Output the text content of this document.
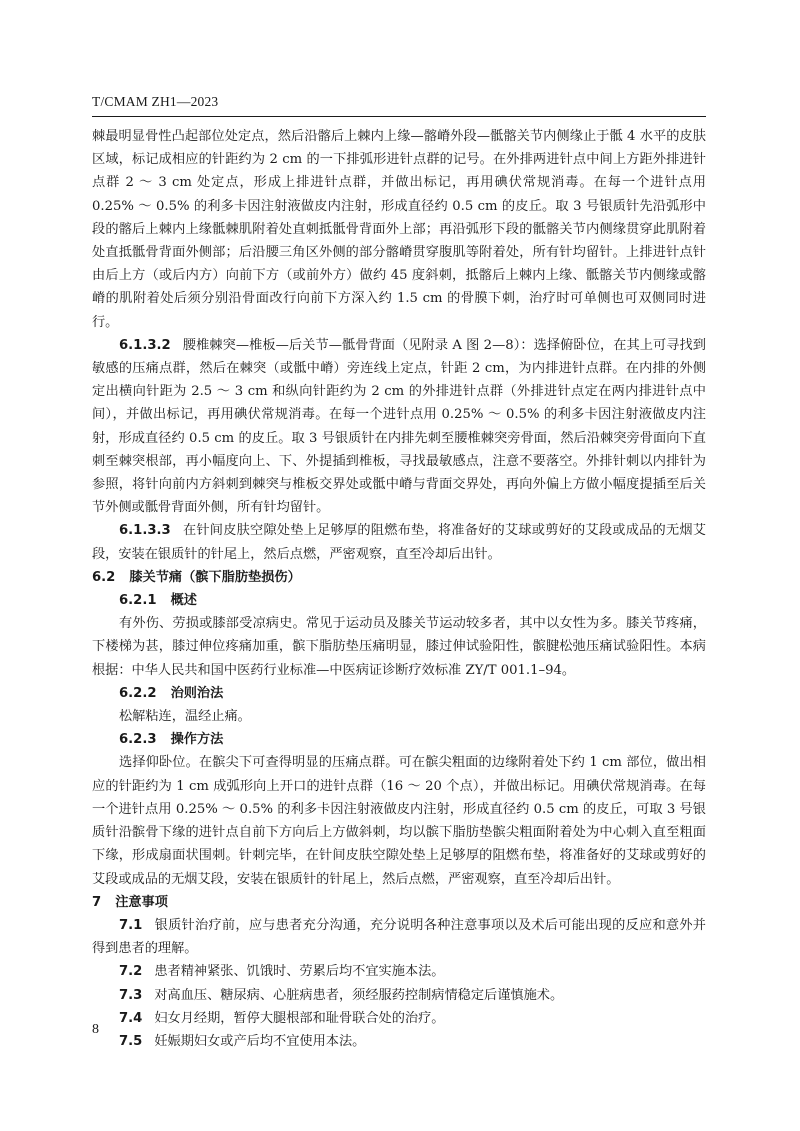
T/CMAM ZH1—2023

棘最明显骨性凸起部位处定点，然后沿髂后上棘内上缘—髂嵴外段—骶髂关节内侧缘止于骶 4 水平的皮肤区域，标记成相应的针距约为 2 cm 的一下排弧形进针点群的记号。在外排两进针点中间上方距外排进针点群 2 ～ 3 cm 处定点，形成上排进针点群，并做出标记，再用碘伏常规消毒。在每一个进针点用 0.25% ～ 0.5% 的利多卡因注射液做皮内注射，形成直径约 0.5 cm 的皮丘。取 3 号银质针先沿弧形中段的髂后上棘内上缘骶棘肌附着处直刺抵骶骨背面外上部；再沿弧形下段的骶髂关节内侧缘贯穿此肌附着处直抵骶骨背面外侧部；后沿腰三角区外侧的部分髂嵴贯穿腹肌等附着处，所有针均留针。上排进针点针由后上方（或后内方）向前下方（或前外方）做约 45 度斜刺，抵髂后上棘内上缘、骶髂关节内侧缘或髂嵴的肌附着处后须分别沿骨面改行向前下方深入约 1.5 cm 的骨膜下刺，治疗时可单侧也可双侧同时进行。

6.1.3.2 腰椎棘突—椎板—后关节—骶骨背面（见附录 A 图 2—8）：选择俯卧位，在其上可寻找到敏感的压痛点群，然后在棘突（或骶中嵴）旁连线上定点，针距 2 cm，为内排进针点群。在内排的外侧定出横向针距为 2.5 ～ 3 cm 和纵向针距约为 2 cm 的外排进针点群（外排进针点定在两内排进针点中间），并做出标记，再用碘伏常规消毒。在每一个进针点用 0.25% ～ 0.5% 的利多卡因注射液做皮内注射，形成直径约 0.5 cm 的皮丘。取 3 号银质针在内排先刺至腰椎棘突旁骨面，然后沿棘突旁骨面向下直刺至棘突根部，再小幅度向上、下、外提插到椎板，寻找最敏感点，注意不要落空。外排针刺以内排针为参照，将针向前内方斜刺到棘突与椎板交界处或骶中嵴与背面交界处，再向外偏上方做小幅度提插至后关节外侧或骶骨背面外侧，所有针均留针。

6.1.3.3 在针间皮肤空隙处垫上足够厚的阻燃布垫，将准备好的艾球或剪好的艾段或成品的无烟艾段，安装在银质针的针尾上，然后点燃，严密观察，直至冷却后出针。

6.2 膝关节痛（髌下脂肪垫损伤）

6.2.1 概述

有外伤、劳损或膝部受凉病史。常见于运动员及膝关节运动较多者，其中以女性为多。膝关节疼痛，下楼梯为甚，膝过伸位疼痛加重，髌下脂肪垫压痛明显，膝过伸试验阳性，髌腱松弛压痛试验阳性。本病根据：中华人民共和国中医药行业标准—中医病证诊断疗效标准 ZY/T 001.1–94。

6.2.2 治则治法

松解粘连，温经止痛。

6.2.3 操作方法

选择仰卧位。在髌尖下可查得明显的压痛点群。可在髌尖粗面的边缘附着处下约 1 cm 部位，做出相应的针距约为 1 cm 成弧形向上开口的进针点群（16 ～ 20 个点），并做出标记。用碘伏常规消毒。在每一个进针点用 0.25% ～ 0.5% 的利多卡因注射液做皮内注射，形成直径约 0.5 cm 的皮丘，可取 3 号银质针沿髌骨下缘的进针点自前下方向后上方做斜刺，均以髌下脂肪垫髌尖粗面附着处为中心刺入直至粗面下缘，形成扇面状围刺。针刺完毕，在针间皮肤空隙处垫上足够厚的阻燃布垫，将准备好的艾球或剪好的艾段或成品的无烟艾段，安装在银质针的针尾上，然后点燃，严密观察，直至冷却后出针。

7 注意事项

7.1 银质针治疗前，应与患者充分沟通，充分说明各种注意事项以及术后可能出现的反应和意外并得到患者的理解。

7.2 患者精神紧张、饥饿时、劳累后均不宜实施本法。

7.3 对高血压、糖尿病、心脏病患者，须经服药控制病情稳定后谨慎施术。

7.4 妇女月经期，暂停大腿根部和耻骨联合处的治疗。

7.5 妊娠期妇女或产后均不宜使用本法。

8
